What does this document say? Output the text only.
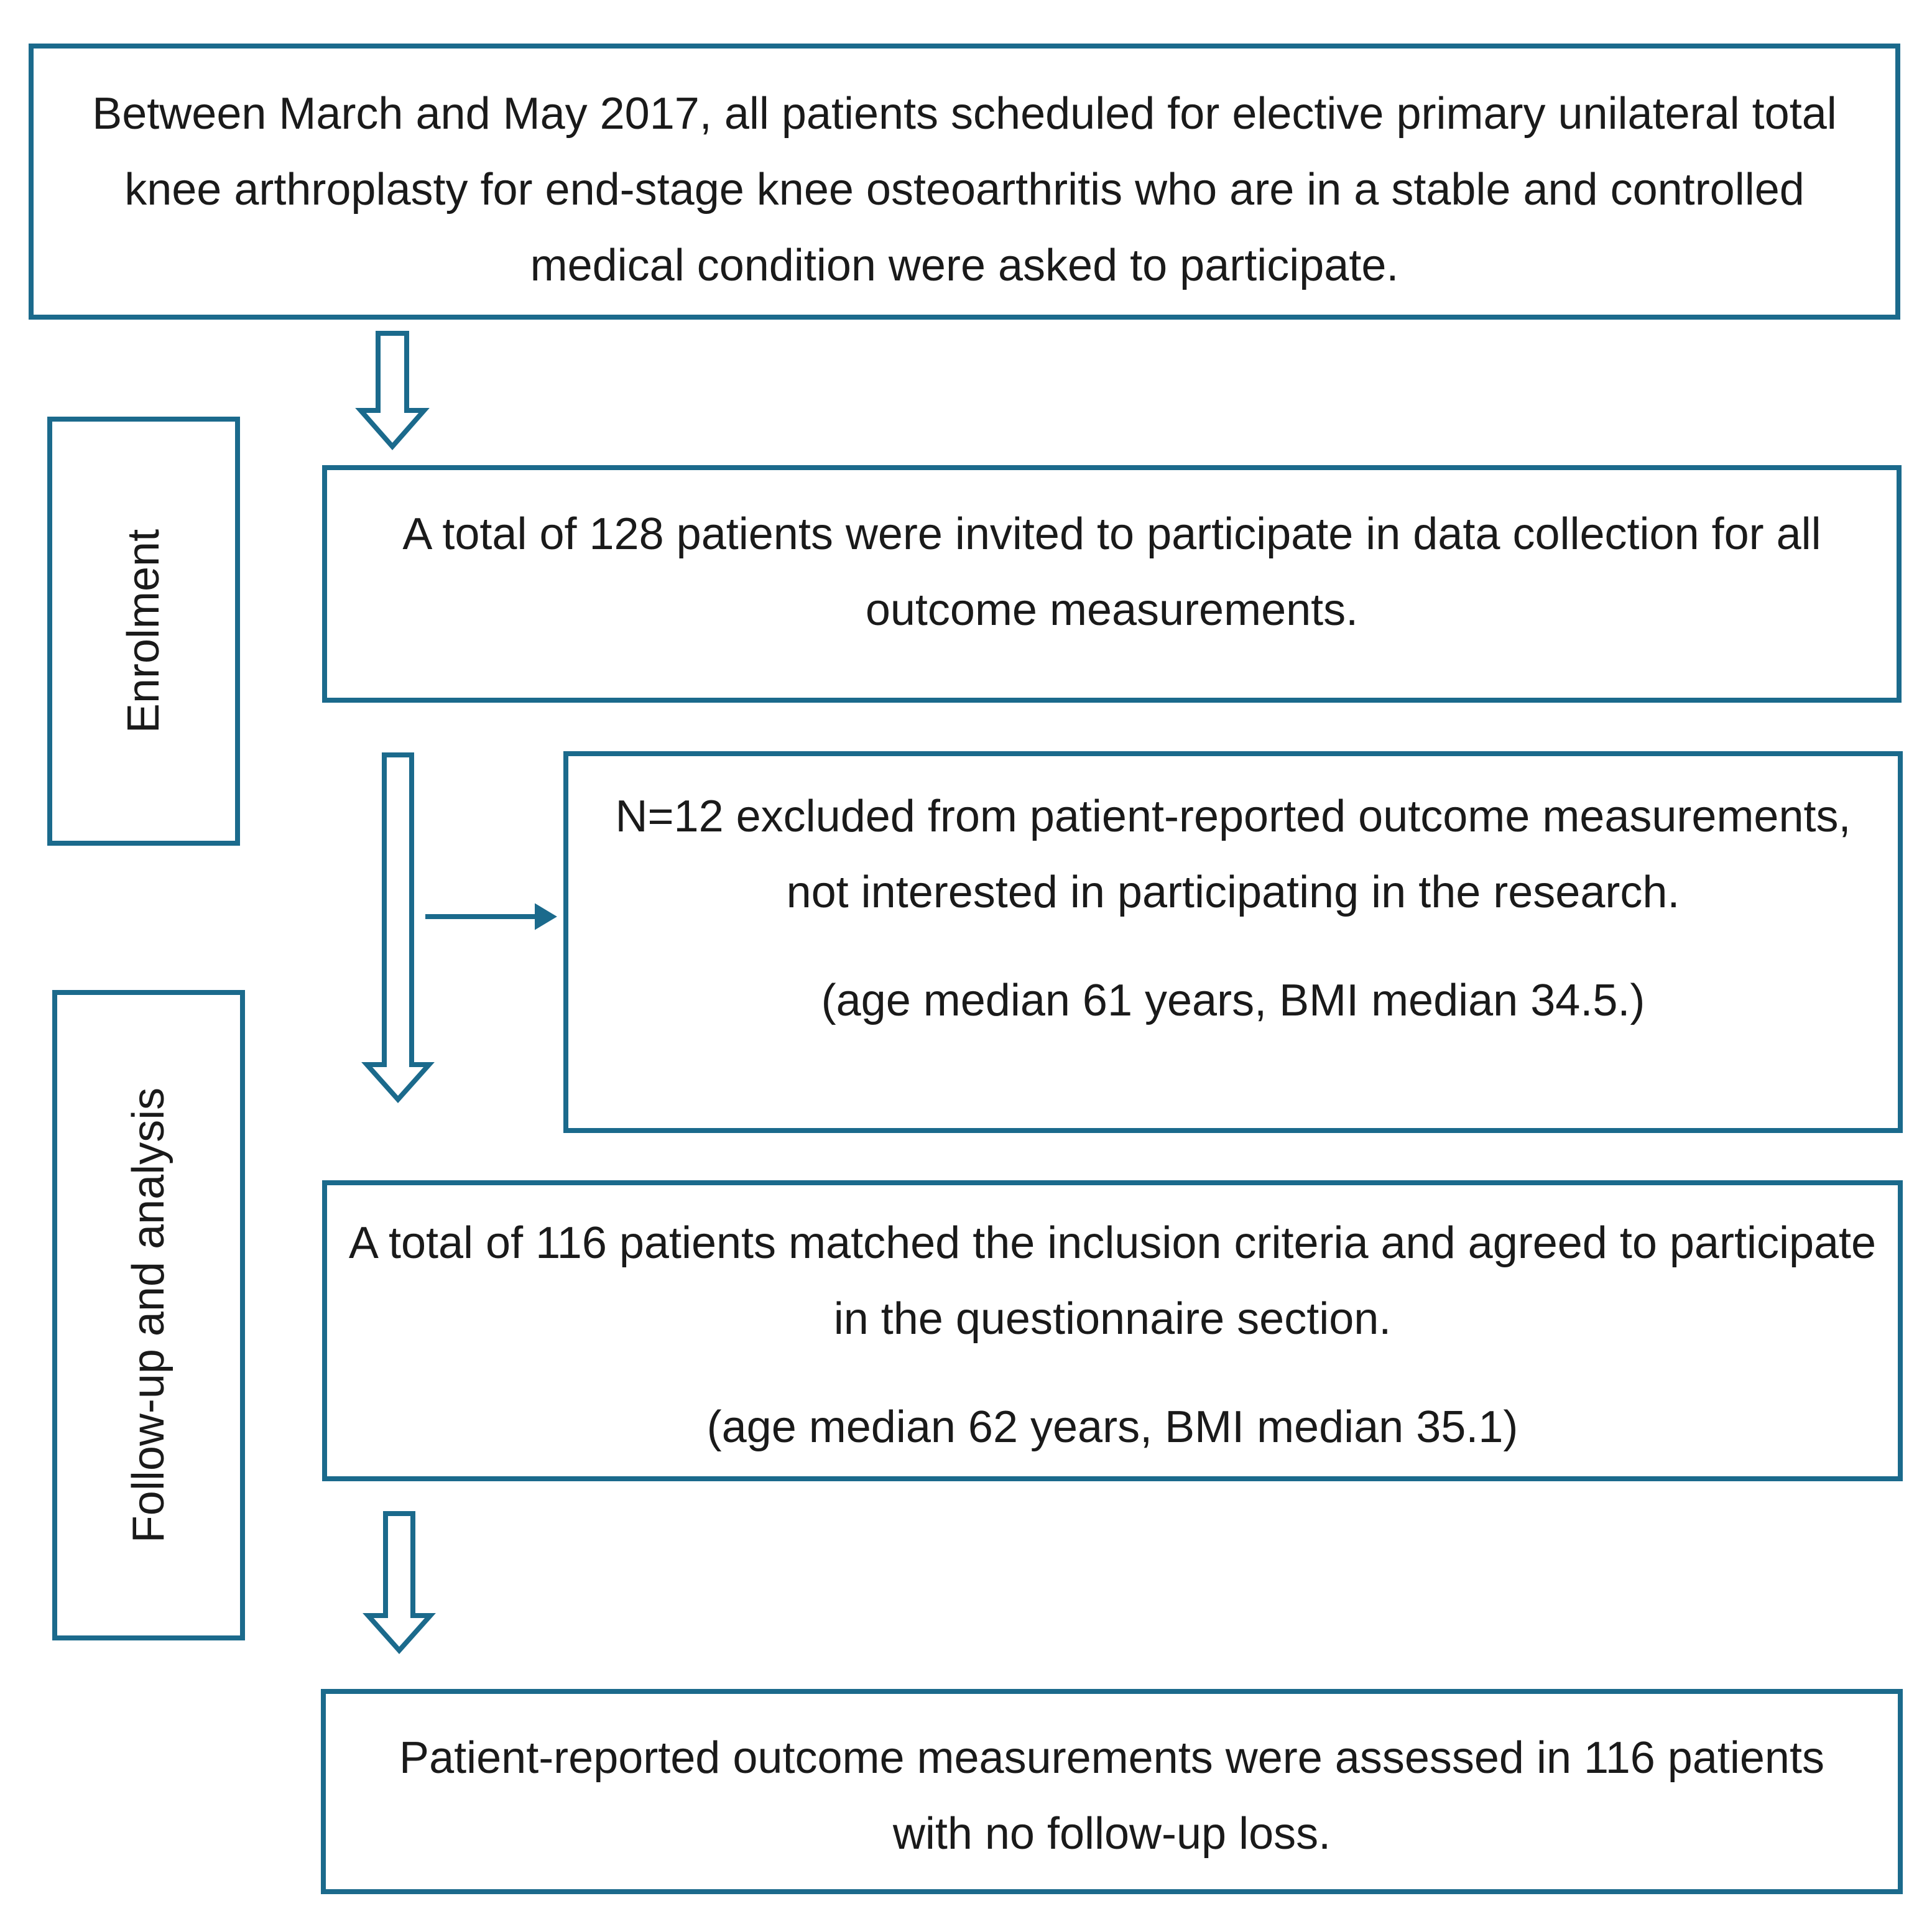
Between March and May 2017, all patients scheduled for elective primary unilateral total knee arthroplasty for end-stage knee osteoarthritis who are in a stable and controlled medical condition were asked to participate.

Enrolment	A total of 128 patients were invited to participate in data collection for all outcome measurements.

N=12 excluded from patient-reported outcome measurements, not interested in participating in the research.

(age median 61 years, BMI median 34.5.)

Follow-up and analysis	A total of 116 patients matched the inclusion criteria and agreed to participate in the questionnaire section.

(age median 62 years, BMI median 35.1)

Patient-reported outcome measurements were assessed in 116 patients with no follow-up loss.
